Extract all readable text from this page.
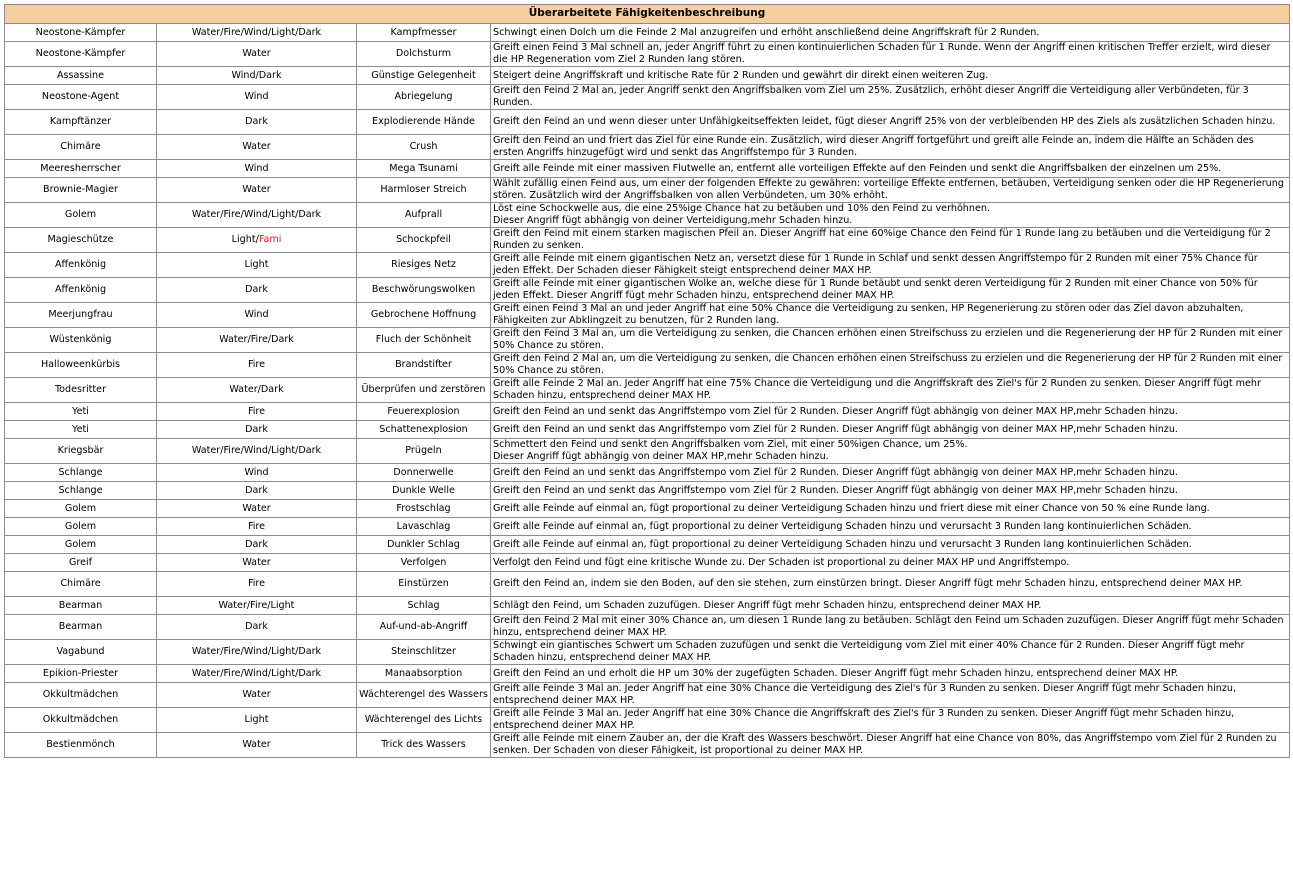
Überarbeitete Fähigkeitenbeschreibung			
Neostone-Kämpfer	Water/Fire/Wind/Light/Dark	Kampfmesser	Schwingt einen Dolch um die Feinde 2 Mal anzugreifen und erhöht anschließend deine Angriffskraft für 2 Runden.
Neostone-Kämpfer	Water	Dolchsturm	Greift einen Feind 3 Mal schnell an, jeder Angriff führt zu einen kontinuierlichen Schaden für 1 Runde. Wenn der Angriff einen kritischen Treffer erzielt, wird dieser die HP Regeneration vom Ziel 2 Runden lang stören.
Assassine	Wind/Dark	Günstige Gelegenheit	Steigert deine Angriffskraft und kritische Rate für 2 Runden und gewährt dir direkt einen weiteren Zug.
Neostone-Agent	Wind	Abriegelung	Greift den Feind 2 Mal an, jeder Angriff senkt den Angriffsbalken vom Ziel um 25%. Zusätzlich, erhöht dieser Angriff die Verteidigung aller Verbündeten, für 3 Runden.
Kampftänzer	Dark	Explodierende Hände	Greift den Feind an und wenn dieser unter Unfähigkeitseffekten leidet, fügt dieser Angriff 25% von der verbleibenden HP des Ziels als zusätzlichen Schaden hinzu.
Chimäre	Water	Crush	Greift den Feind an und friert das Ziel für eine Runde ein. Zusätzlich, wird dieser Angriff fortgeführt und greift alle Feinde an, indem die Hälfte an Schäden des ersten Angriffs hinzugefügt wird und senkt das Angriffstempo für 3 Runden.
Meeresherrscher	Wind	Mega Tsunami	Greift alle Feinde mit einer massiven Flutwelle an, entfernt alle vorteiligen Effekte auf den Feinden und senkt die Angriffsbalken der einzelnen um 25%.
Brownie-Magier	Water	Harmloser Streich	Wählt zufällig einen Feind aus, um einer der folgenden Effekte zu gewähren: vorteilige Effekte entfernen, betäuben, Verteidigung senken oder die HP Regenerierung stören. Zusätzlich wird der Angriffsbalken von allen Verbündeten, um 30% erhöht.
Golem	Water/Fire/Wind/Light/Dark	Aufprall	Löst eine Schockwelle aus, die eine 25%ige Chance hat zu betäuben und 10% den Feind zu verhöhnen.
Dieser Angriff fügt abhängig von deiner Verteidigung,mehr Schaden hinzu.
Magieschütze	Light/Fami	Schockpfeil	Greift den Feind mit einem starken magischen Pfeil an. Dieser Angriff hat eine 60%ige Chance den Feind für 1 Runde lang zu betäuben und die Verteidigung für 2 Runden zu senken.
Affenkönig	Light	Riesiges Netz	Greift alle Feinde mit einem gigantischen Netz an, versetzt diese für 1 Runde in Schlaf und senkt dessen Angriffstempo für 2 Runden mit einer 75% Chance für jeden Effekt. Der Schaden dieser Fähigkeit steigt entsprechend deiner MAX HP.
Affenkönig	Dark	Beschwörungswolken	Greift alle Feinde mit einer gigantischen Wolke an, welche diese für 1 Runde betäubt und senkt deren Verteidigung für 2 Runden mit einer Chance von 50% für jeden Effekt. Dieser Angriff fügt mehr Schaden hinzu, entsprechend deiner MAX HP.
Meerjungfrau	Wind	Gebrochene Hoffnung	Greift einen Feind 3 Mal an und jeder Angriff hat eine 50% Chance die Verteidigung zu senken, HP Regenerierung zu stören oder das Ziel davon abzuhalten, Fähigkeiten zur Abklingzeit zu benutzen, für 2 Runden lang.
Wüstenkönig	Water/Fire/Dark	Fluch der Schönheit	Greift den Feind 3 Mal an, um die Verteidigung zu senken, die Chancen erhöhen einen Streifschuss zu erzielen und die Regenerierung der HP für 2 Runden mit einer 50% Chance zu stören.
Halloweenkürbis	Fire	Brandstifter	Greift den Feind 2 Mal an, um die Verteidigung zu senken, die Chancen erhöhen einen Streifschuss zu erzielen und die Regenerierung der HP für 2 Runden mit einer 50% Chance zu stören.
Todesritter	Water/Dark	Überprüfen und zerstören	Greift alle Feinde 2 Mal an. Jeder Angriff hat eine 75% Chance die Verteidigung und die Angriffskraft des Ziel's für 2 Runden zu senken. Dieser Angriff fügt mehr Schaden hinzu, entsprechend deiner MAX HP.
Yeti	Fire	Feuerexplosion	Greift den Feind an und senkt das Angriffstempo vom Ziel für 2 Runden. Dieser Angriff fügt abhängig von deiner MAX HP,mehr Schaden hinzu.
Yeti	Dark	Schattenexplosion	Greift den Feind an und senkt das Angriffstempo vom Ziel für 2 Runden. Dieser Angriff fügt abhängig von deiner MAX HP,mehr Schaden hinzu.
Kriegsbär	Water/Fire/Wind/Light/Dark	Prügeln	Schmettert den Feind und senkt den Angriffsbalken vom Ziel, mit einer 50%igen Chance, um 25%.
Dieser Angriff fügt abhängig von deiner MAX HP,mehr Schaden hinzu.
Schlange	Wind	Donnerwelle	Greift den Feind an und senkt das Angriffstempo vom Ziel für 2 Runden. Dieser Angriff fügt abhängig von deiner MAX HP,mehr Schaden hinzu.
Schlange	Dark	Dunkle Welle	Greift den Feind an und senkt das Angriffstempo vom Ziel für 2 Runden. Dieser Angriff fügt abhängig von deiner MAX HP,mehr Schaden hinzu.
Golem	Water	Frostschlag	Greift alle Feinde auf einmal an, fügt proportional zu deiner Verteidigung Schaden hinzu und friert diese mit einer Chance von 50 % eine Runde lang.
Golem	Fire	Lavaschlag	Greift alle Feinde auf einmal an, fügt proportional zu deiner Verteidigung Schaden hinzu und verursacht 3 Runden lang kontinuierlichen Schäden.
Golem	Dark	Dunkler Schlag	Greift alle Feinde auf einmal an, fügt proportional zu deiner Verteidigung Schaden hinzu und verursacht 3 Runden lang kontinuierlichen Schäden.
Greif	Water	Verfolgen	Verfolgt den Feind und fügt eine kritische Wunde zu. Der Schaden ist proportional zu deiner MAX HP und Angriffstempo.
Chimäre	Fire	Einstürzen	Greift den Feind an, indem sie den Boden, auf den sie stehen, zum einstürzen bringt. Dieser Angriff fügt mehr Schaden hinzu, entsprechend deiner MAX HP.
Bearman	Water/Fire/Light	Schlag	Schlägt den Feind, um Schaden zuzufügen. Dieser Angriff fügt mehr Schaden hinzu, entsprechend deiner MAX HP.
Bearman	Dark	Auf-und-ab-Angriff	Greift den Feind 2 Mal mit einer 30% Chance an, um diesen 1 Runde lang zu betäuben. Schlägt den Feind um Schaden zuzufügen. Dieser Angriff fügt mehr Schaden hinzu, entsprechend deiner MAX HP.
Vagabund	Water/Fire/Wind/Light/Dark	Steinschlitzer	Schwingt ein giantisches Schwert um Schaden zuzufügen und senkt die Verteidigung vom Ziel mit einer 40% Chance für 2 Runden. Dieser Angriff fügt mehr Schaden hinzu, entsprechend deiner MAX HP.
Epikion-Priester	Water/Fire/Wind/Light/Dark	Manaabsorption	Greift den Feind an und erholt die HP um 30% der zugefügten Schaden. Dieser Angriff fügt mehr Schaden hinzu, entsprechend deiner MAX HP.
Okkultmädchen	Water	Wächterengel des Wassers	Greift alle Feinde 3 Mal an. Jeder Angriff hat eine 30% Chance die Verteidigung des Ziel's für 3 Runden zu senken. Dieser Angriff fügt mehr Schaden hinzu, entsprechend deiner MAX HP.
Okkultmädchen	Light	Wächterengel des Lichts	Greift alle Feinde 3 Mal an. Jeder Angriff hat eine 30% Chance die Angriffskraft des Ziel's für 3 Runden zu senken. Dieser Angriff fügt mehr Schaden hinzu, entsprechend deiner MAX HP.
Bestienmönch	Water	Trick des Wassers	Greift alle Feinde mit einem Zauber an, der die Kraft des Wassers beschwört. Dieser Angriff hat eine Chance von 80%, das Angriffstempo vom Ziel für 2 Runden zu senken. Der Schaden von dieser Fähigkeit, ist proportional zu deiner MAX HP.
